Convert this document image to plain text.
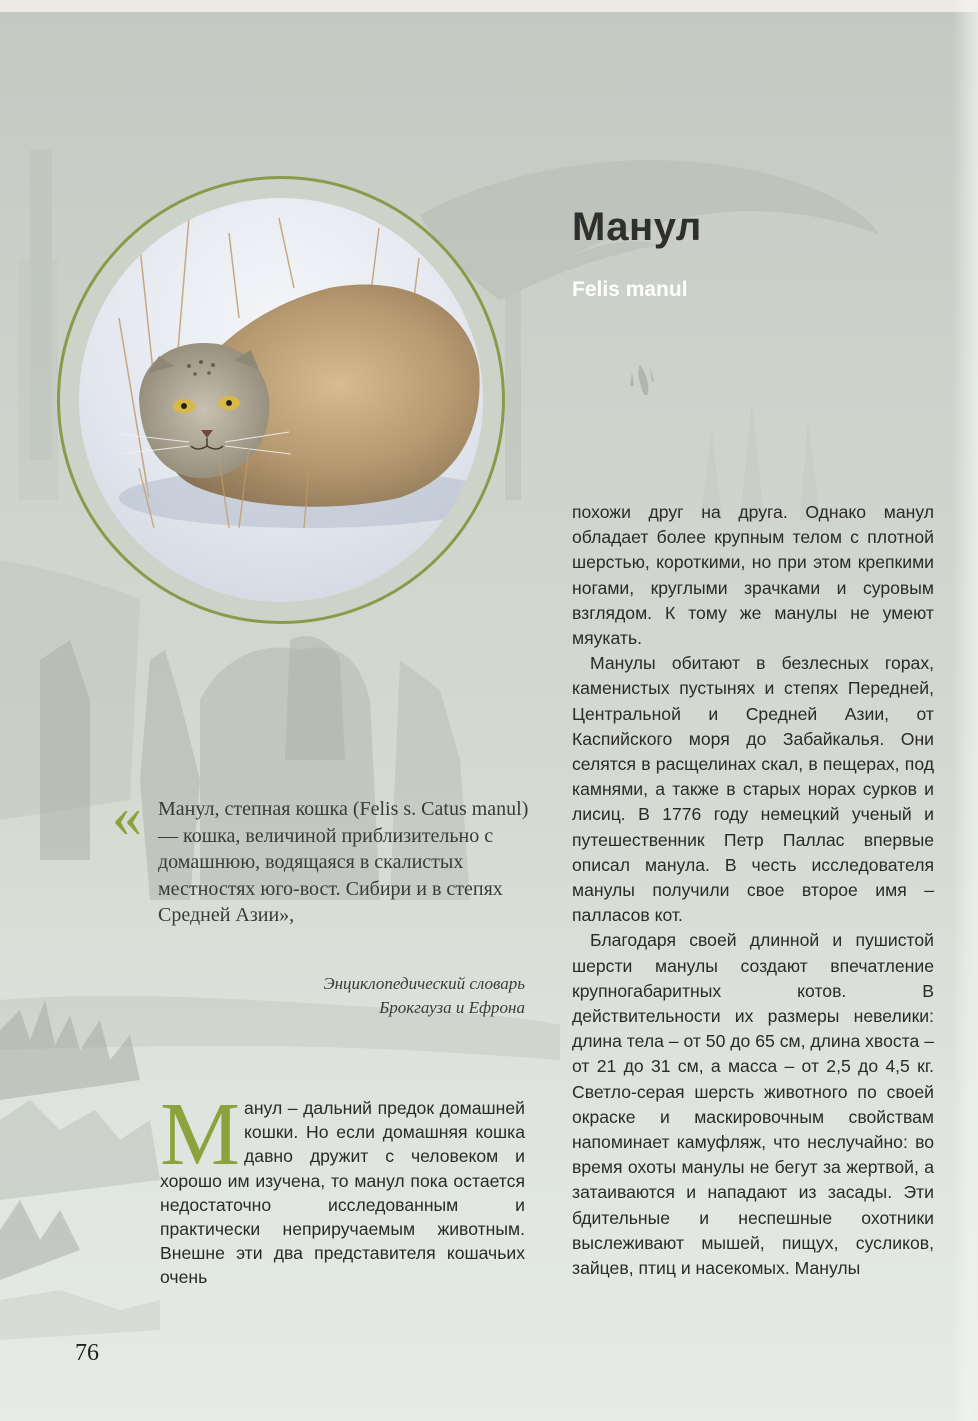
Манул
Felis manul
« Манул, степная кошка (Felis s. Catus manul) — кошка, величиной приблизительно с домашнюю, водящаяся в скалистых местностях юго-вост. Сибири и в степях Средней Азии»,
Энциклопедический словарь
Брокгауза и Ефрона
М анул – дальний предок домашней кошки. Но если домашняя кошка давно дружит с человеком и хорошо им изучена, то манул пока остается недостаточно исследованным и практически неприручаемым животным. Внешне эти два представителя кошачьих очень

похожи друг на друга. Однако манул обладает более крупным телом с плотной шерстью, короткими, но при этом крепкими ногами, круглыми зрачками и суровым взглядом. К тому же манулы не умеют мяукать.

Манулы обитают в безлесных горах, каменистых пустынях и степях Передней, Центральной и Средней Азии, от Каспийского моря до Забайкалья. Они селятся в расщелинах скал, в пещерах, под камнями, а также в старых норах сурков и лисиц. В 1776 году немецкий ученый и путешественник Петр Паллас впервые описал манула. В честь исследователя манулы получили свое второе имя – палласов кот.

Благодаря своей длинной и пушистой шерсти манулы создают впечатление крупногабаритных котов. В действительности их размеры невелики: длина тела – от 50 до 65 см, длина хвоста – от 21 до 31 см, а масса – от 2,5 до 4,5 кг. Светло-серая шерсть животного по своей окраске и маскировочным свойствам напоминает камуфляж, что неслучайно: во время охоты манулы не бегут за жертвой, а затаиваются и нападают из засады. Эти бдительные и неспешные охотники выслеживают мышей, пищух, сусликов, зайцев, птиц и насекомых. Манулы

76
